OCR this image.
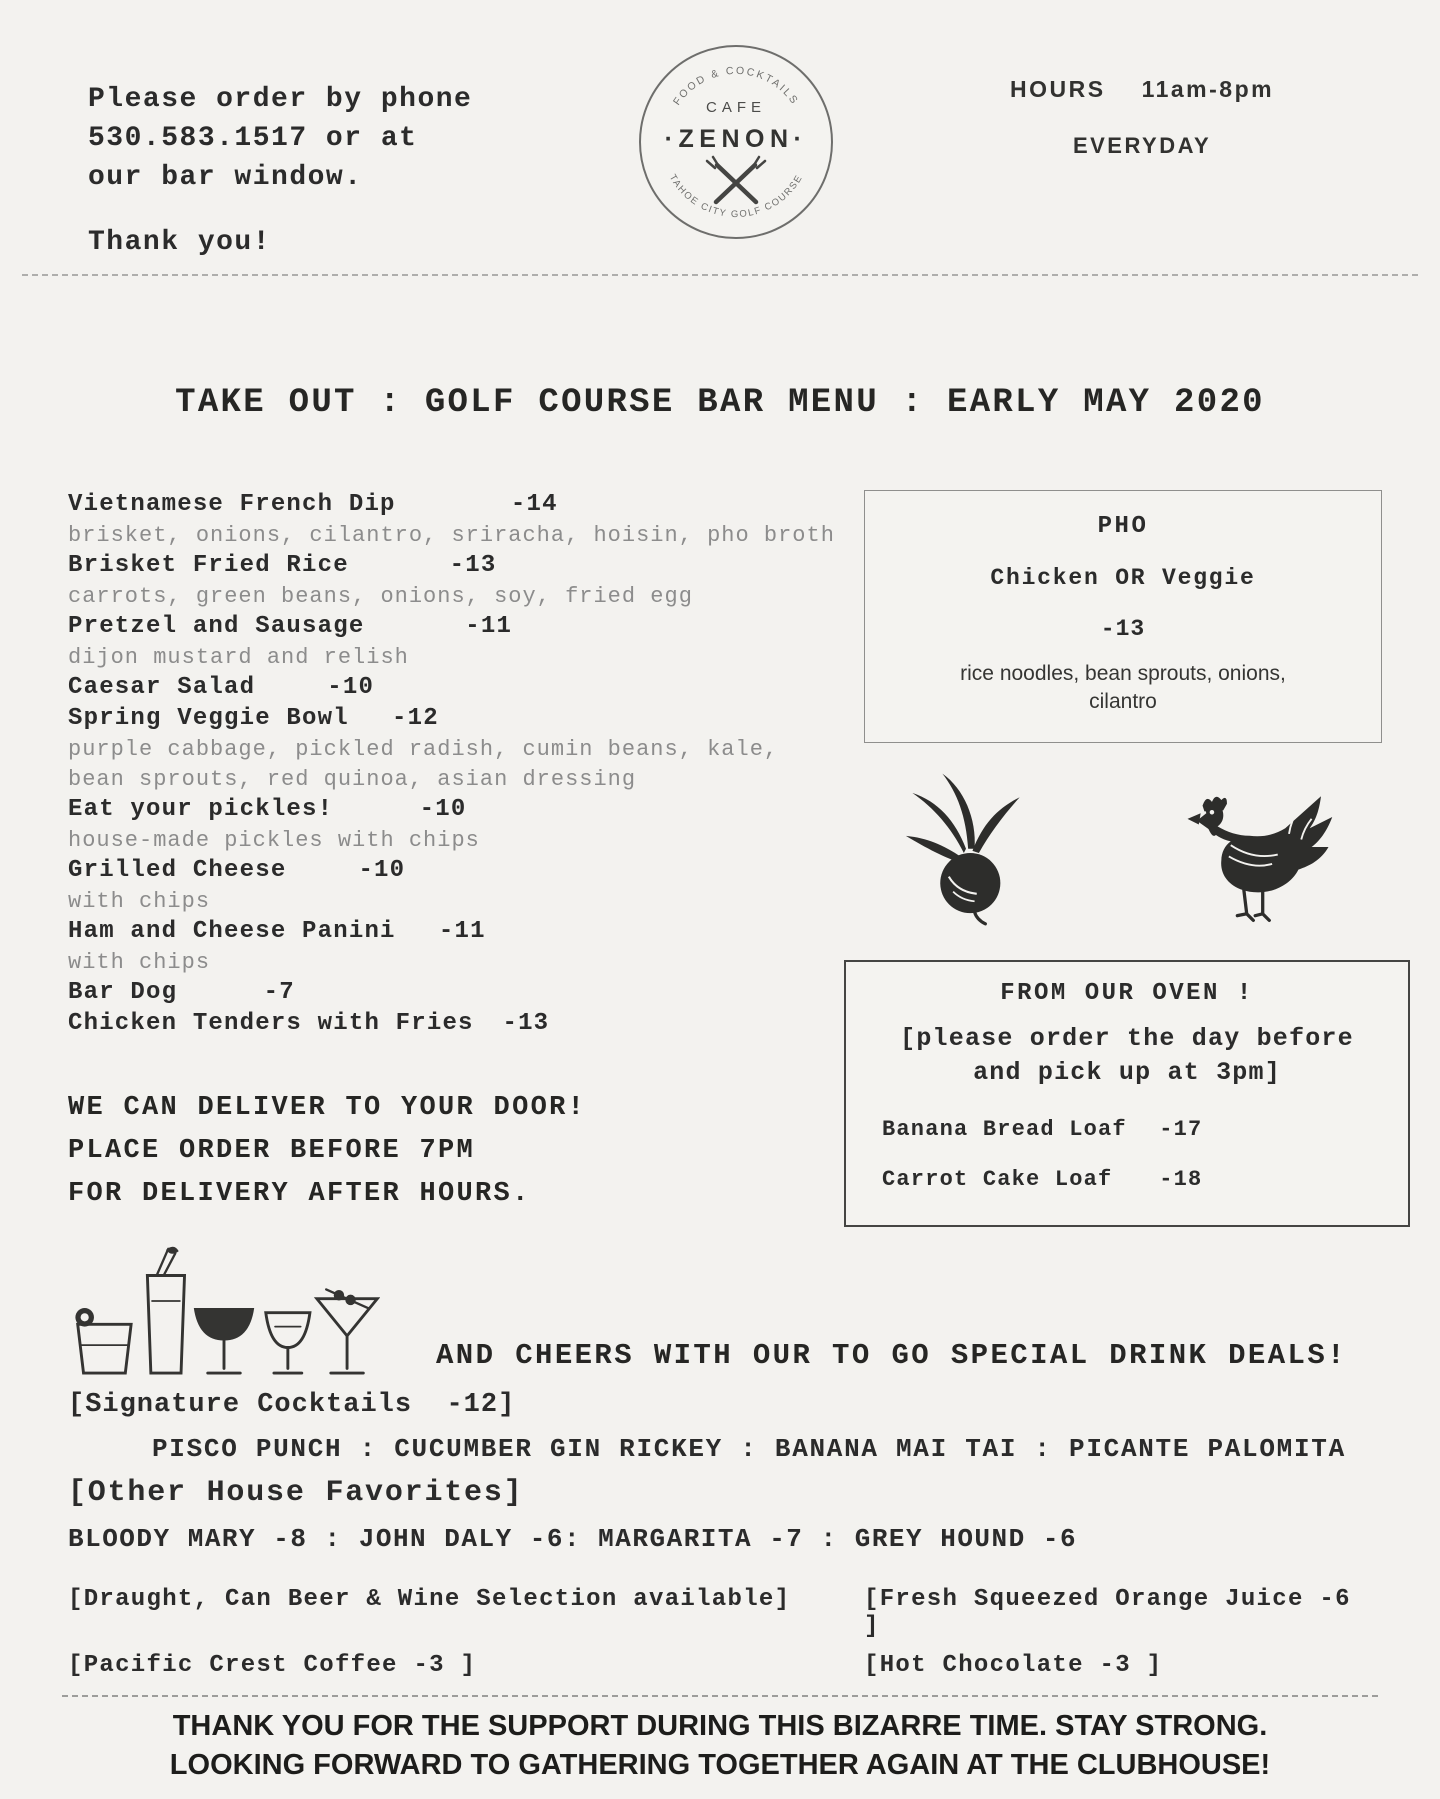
Please order by phone
530.583.1517 or at
our bar window.
Thank you!
FOOD & COCKTAILS
TAHOE CITY GOLF COURSE
CAFE
·ZENON·
HOURS 11am-8pm
EVERYDAY
TAKE OUT : GOLF COURSE BAR MENU : EARLY MAY 2020
Vietnamese French Dip	-14
brisket, onions, cilantro, sriracha, hoisin, pho broth
Brisket Fried Rice	-13
carrots, green beans, onions, soy, fried egg
Pretzel and Sausage	-11
dijon mustard and relish
Caesar Salad	-10
Spring Veggie Bowl -12
purple cabbage, pickled radish, cumin beans, kale, bean sprouts, red quinoa, asian dressing
Eat your pickles!	-10
house-made pickles with chips
Grilled Cheese	-10
with chips
Ham and Cheese Panini -11
with chips
Bar Dog	-7
Chicken Tenders with Fries -13
WE CAN DELIVER TO YOUR DOOR!
PLACE ORDER BEFORE 7PM
FOR DELIVERY AFTER HOURS.
PHO
Chicken OR Veggie
-13
rice noodles, bean sprouts, onions,
cilantro
FROM OUR OVEN !
[please order the day before
and pick up at 3pm]
Banana Bread Loaf -17
Carrot Cake Loaf -18
AND CHEERS WITH OUR TO GO SPECIAL DRINK DEALS!
[Signature Cocktails  -12]
PISCO PUNCH : CUCUMBER GIN RICKEY : BANANA MAI TAI : PICANTE PALOMITA
[Other House Favorites]
BLOODY MARY -8 : JOHN DALY -6: MARGARITA -7 : GREY HOUND -6
[Draught, Can Beer & Wine Selection available]	[Fresh Squeezed Orange Juice -6 ]
[Pacific Crest Coffee -3 ]	[Hot Chocolate -3 ]
THANK YOU FOR THE SUPPORT DURING THIS BIZARRE TIME. STAY STRONG.
LOOKING FORWARD TO GATHERING TOGETHER AGAIN AT THE CLUBHOUSE!
